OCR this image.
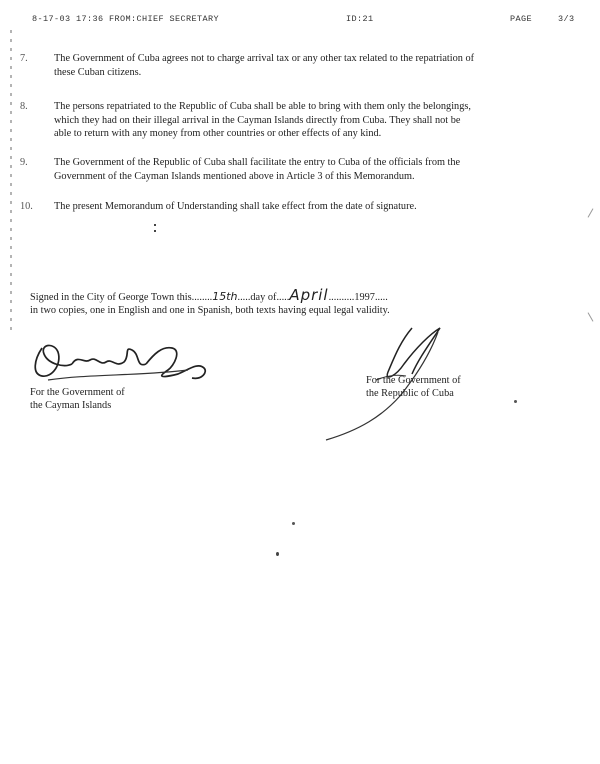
8-17-03 17:36 FROM:CHIEF SECRETARY	ID:21	PAGE	3/3
7.	The Government of Cuba agrees not to charge arrival tax or any other tax related to the repatriation of
these Cuban citizens.
8.	The persons repatriated to the Republic of Cuba shall be able to bring with them only the belongings,
which they had on their illegal arrival in the Cayman Islands directly from Cuba. They shall not be
able to return with any money from other countries or other effects of any kind.
9.	The Government of the Republic of Cuba shall facilitate the entry to Cuba of the officials from the
Government of the Cayman Islands mentioned above in Article 3 of this Memorandum.
10.	The present Memorandum of Understanding shall take effect from the date of signature.
Signed in the City of George Town this........15th.....day of.....April..........1997.....
in two copies, one in English and one in Spanish, both texts having equal legal validity.
For the Government of
the Cayman Islands
For the Government of
the Republic of Cuba
